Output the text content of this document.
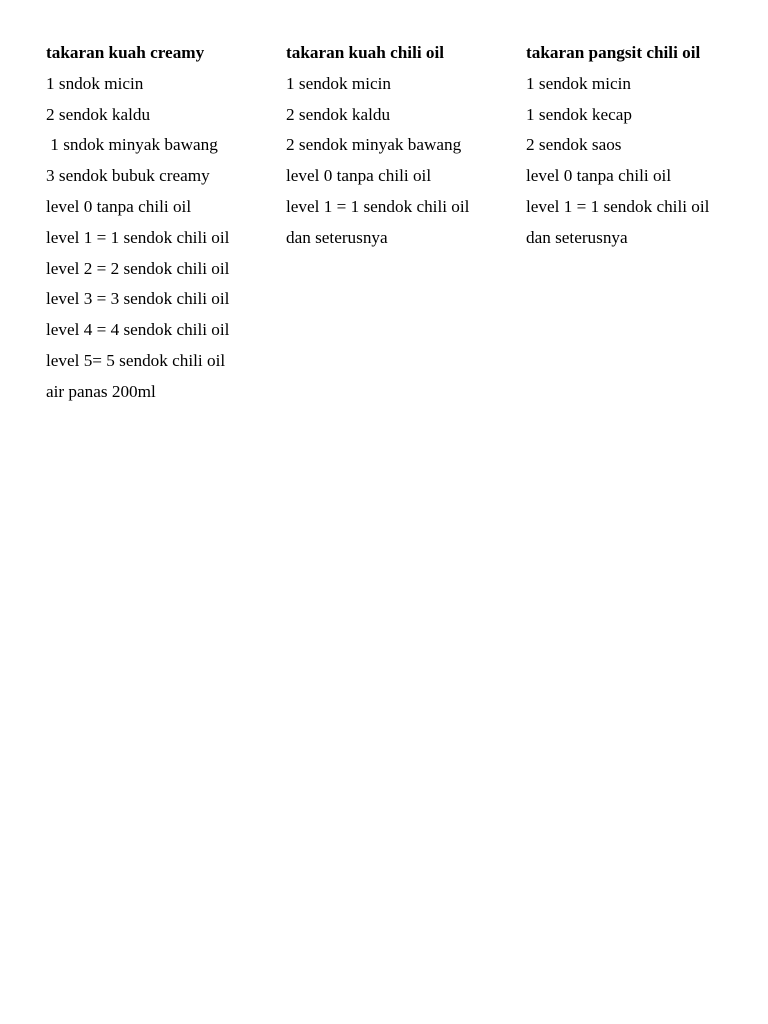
takaran kuah creamy
1 sndok micin
2 sendok kaldu
1 sndok minyak bawang
3 sendok bubuk creamy
level 0 tanpa chili oil
level 1 = 1 sendok chili oil
level 2 = 2 sendok chili oil
level 3 = 3 sendok chili oil
level 4 = 4 sendok chili oil
level 5= 5 sendok chili oil
air panas 200ml
takaran kuah chili oil
1 sendok micin
2 sendok kaldu
2 sendok minyak bawang
level 0 tanpa chili oil
level 1 = 1 sendok chili oil
dan seterusnya
takaran pangsit chili oil
1 sendok micin
1 sendok kecap
2 sendok saos
level 0 tanpa chili oil
level 1 = 1 sendok chili oil
dan seterusnya
